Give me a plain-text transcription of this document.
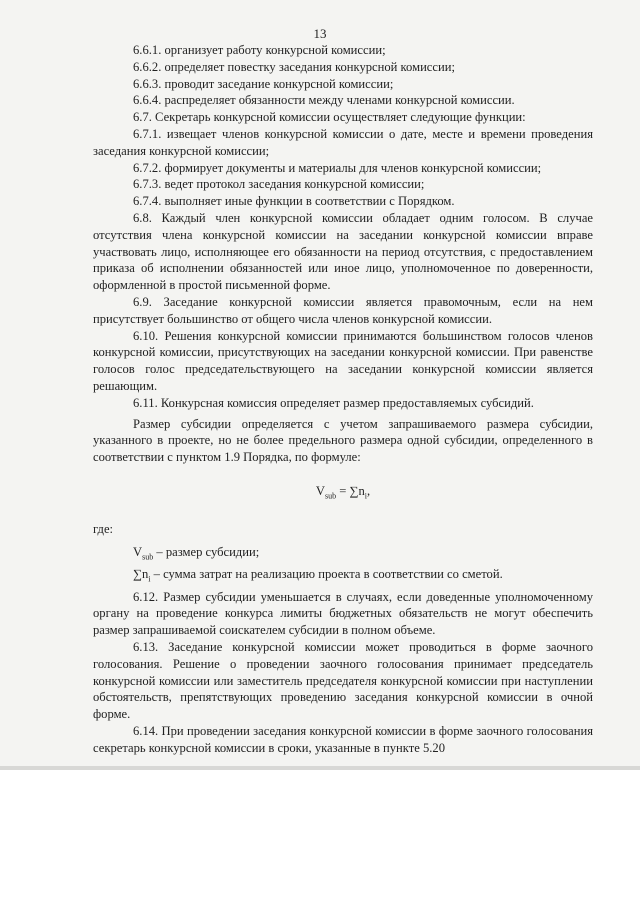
13

6.6.1. организует работу конкурсной комиссии;

6.6.2. определяет повестку заседания конкурсной комиссии;

6.6.3. проводит заседание конкурсной комиссии;

6.6.4. распределяет обязанности между членами конкурсной комиссии.

6.7. Секретарь конкурсной комиссии осуществляет следующие функции:

6.7.1. извещает членов конкурсной комиссии о дате, месте и времени проведения заседания конкурсной комиссии;

6.7.2. формирует документы и материалы для членов конкурсной комиссии;

6.7.3. ведет протокол заседания конкурсной комиссии;

6.7.4. выполняет иные функции в соответствии с Порядком.

6.8. Каждый член конкурсной комиссии обладает одним голосом. В случае отсутствия члена конкурсной комиссии на заседании конкурсной комиссии вправе участвовать лицо, исполняющее его обязанности на период отсутствия, с предоставлением приказа об исполнении обязанностей или иное лицо, уполномоченное по доверенности, оформленной в простой письменной форме.

6.9. Заседание конкурсной комиссии является правомочным, если на нем присутствует большинство от общего числа членов конкурсной комиссии.

6.10. Решения конкурсной комиссии принимаются большинством голосов членов конкурсной комиссии, присутствующих на заседании конкурсной комиссии. При равенстве голосов голос председательствующего на заседании конкурсной комиссии является решающим.

6.11. Конкурсная комиссия определяет размер предоставляемых субсидий.

Размер субсидии определяется с учетом запрашиваемого размера субсидии, указанного в проекте, но не более предельного размера одной субсидии, определенного в соответствии с пунктом 1.9 Порядка, по формуле:

$V_{sub} = \sum n_i$,

где:

$V_{sub}$ – размер субсидии;

$\sum n_i$ – сумма затрат на реализацию проекта в соответствии со сметой.

6.12. Размер субсидии уменьшается в случаях, если доведенные уполномоченному органу на проведение конкурса лимиты бюджетных обязательств не могут обеспечить размер запрашиваемой соискателем субсидии в полном объеме.

6.13. Заседание конкурсной комиссии может проводиться в форме заочного голосования. Решение о проведении заочного голосования принимает председатель конкурсной комиссии или заместитель председателя конкурсной комиссии при наступлении обстоятельств, препятствующих проведению заседания конкурсной комиссии в очной форме.

6.14. При проведении заседания конкурсной комиссии в форме заочного голосования секретарь конкурсной комиссии в сроки, указанные в пункте 5.20
